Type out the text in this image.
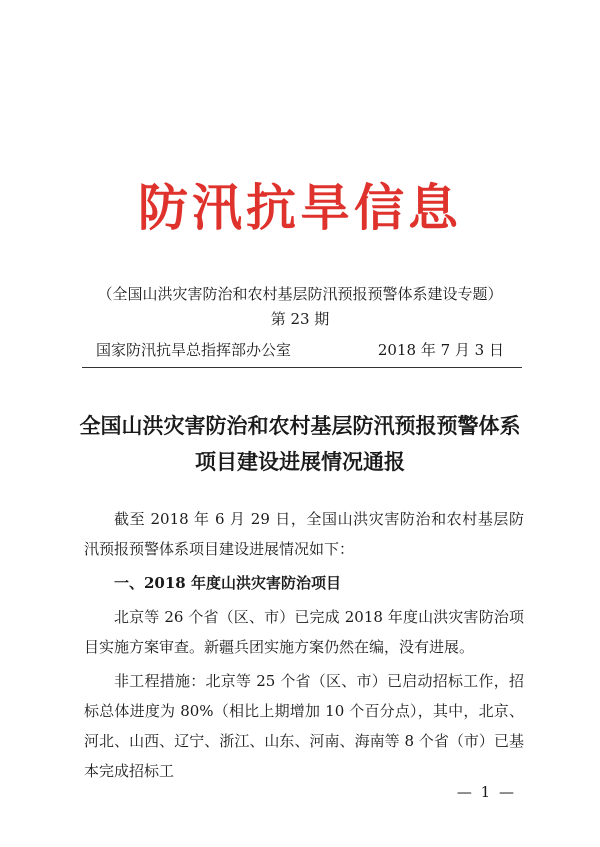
防汛抗旱信息
（全国山洪灾害防治和农村基层防汛预报预警体系建设专题）
第 23 期
国家防汛抗旱总指挥部办公室	2018 年 7 月 3 日
全国山洪灾害防治和农村基层防汛预报预警体系
项目建设进展情况通报

截至 2018 年 6 月 29 日，全国山洪灾害防治和农村基层防汛预报预警体系项目建设进展情况如下：

一、2018 年度山洪灾害防治项目

北京等 26 个省（区、市）已完成 2018 年度山洪灾害防治项目实施方案审查。新疆兵团实施方案仍然在编，没有进展。

非工程措施：北京等 25 个省（区、市）已启动招标工作，招标总体进度为 80%（相比上期增加 10 个百分点），其中，北京、河北、山西、辽宁、浙江、山东、河南、海南等 8 个省（市）已基本完成招标工

— 1 —
